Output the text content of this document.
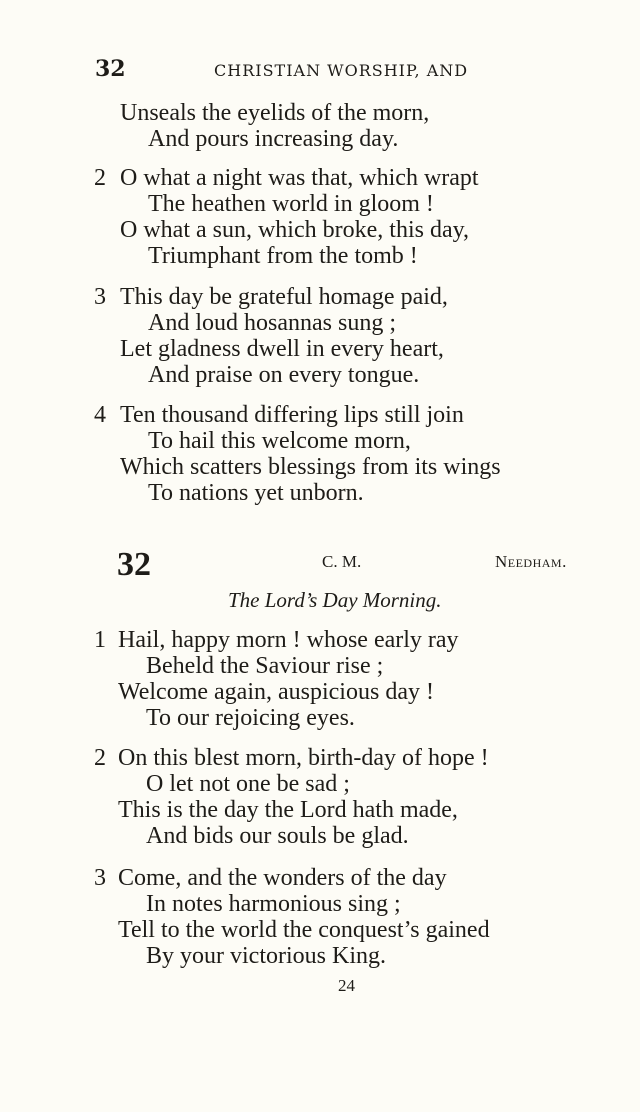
32	CHRISTIAN WORSHIP, AND
Unseals the eyelids of the morn,
And pours increasing day.
2 O what a night was that, which wrapt
The heathen world in gloom !
O what a sun, which broke, this day,
Triumphant from the tomb !
3 This day be grateful homage paid,
And loud hosannas sung ;
Let gladness dwell in every heart,
And praise on every tongue.
4 Ten thousand differing lips still join
To hail this welcome morn,
Which scatters blessings from its wings
To nations yet unborn.
32	C. M.	Needham.
The Lord’s Day Morning.
1 Hail, happy morn ! whose early ray
Beheld the Saviour rise ;
Welcome again, auspicious day !
To our rejoicing eyes.
2 On this blest morn, birth-day of hope !
O let not one be sad ;
This is the day the Lord hath made,
And bids our souls be glad.
3 Come, and the wonders of the day
In notes harmonious sing ;
Tell to the world the conquest’s gained
By your victorious King.
24
